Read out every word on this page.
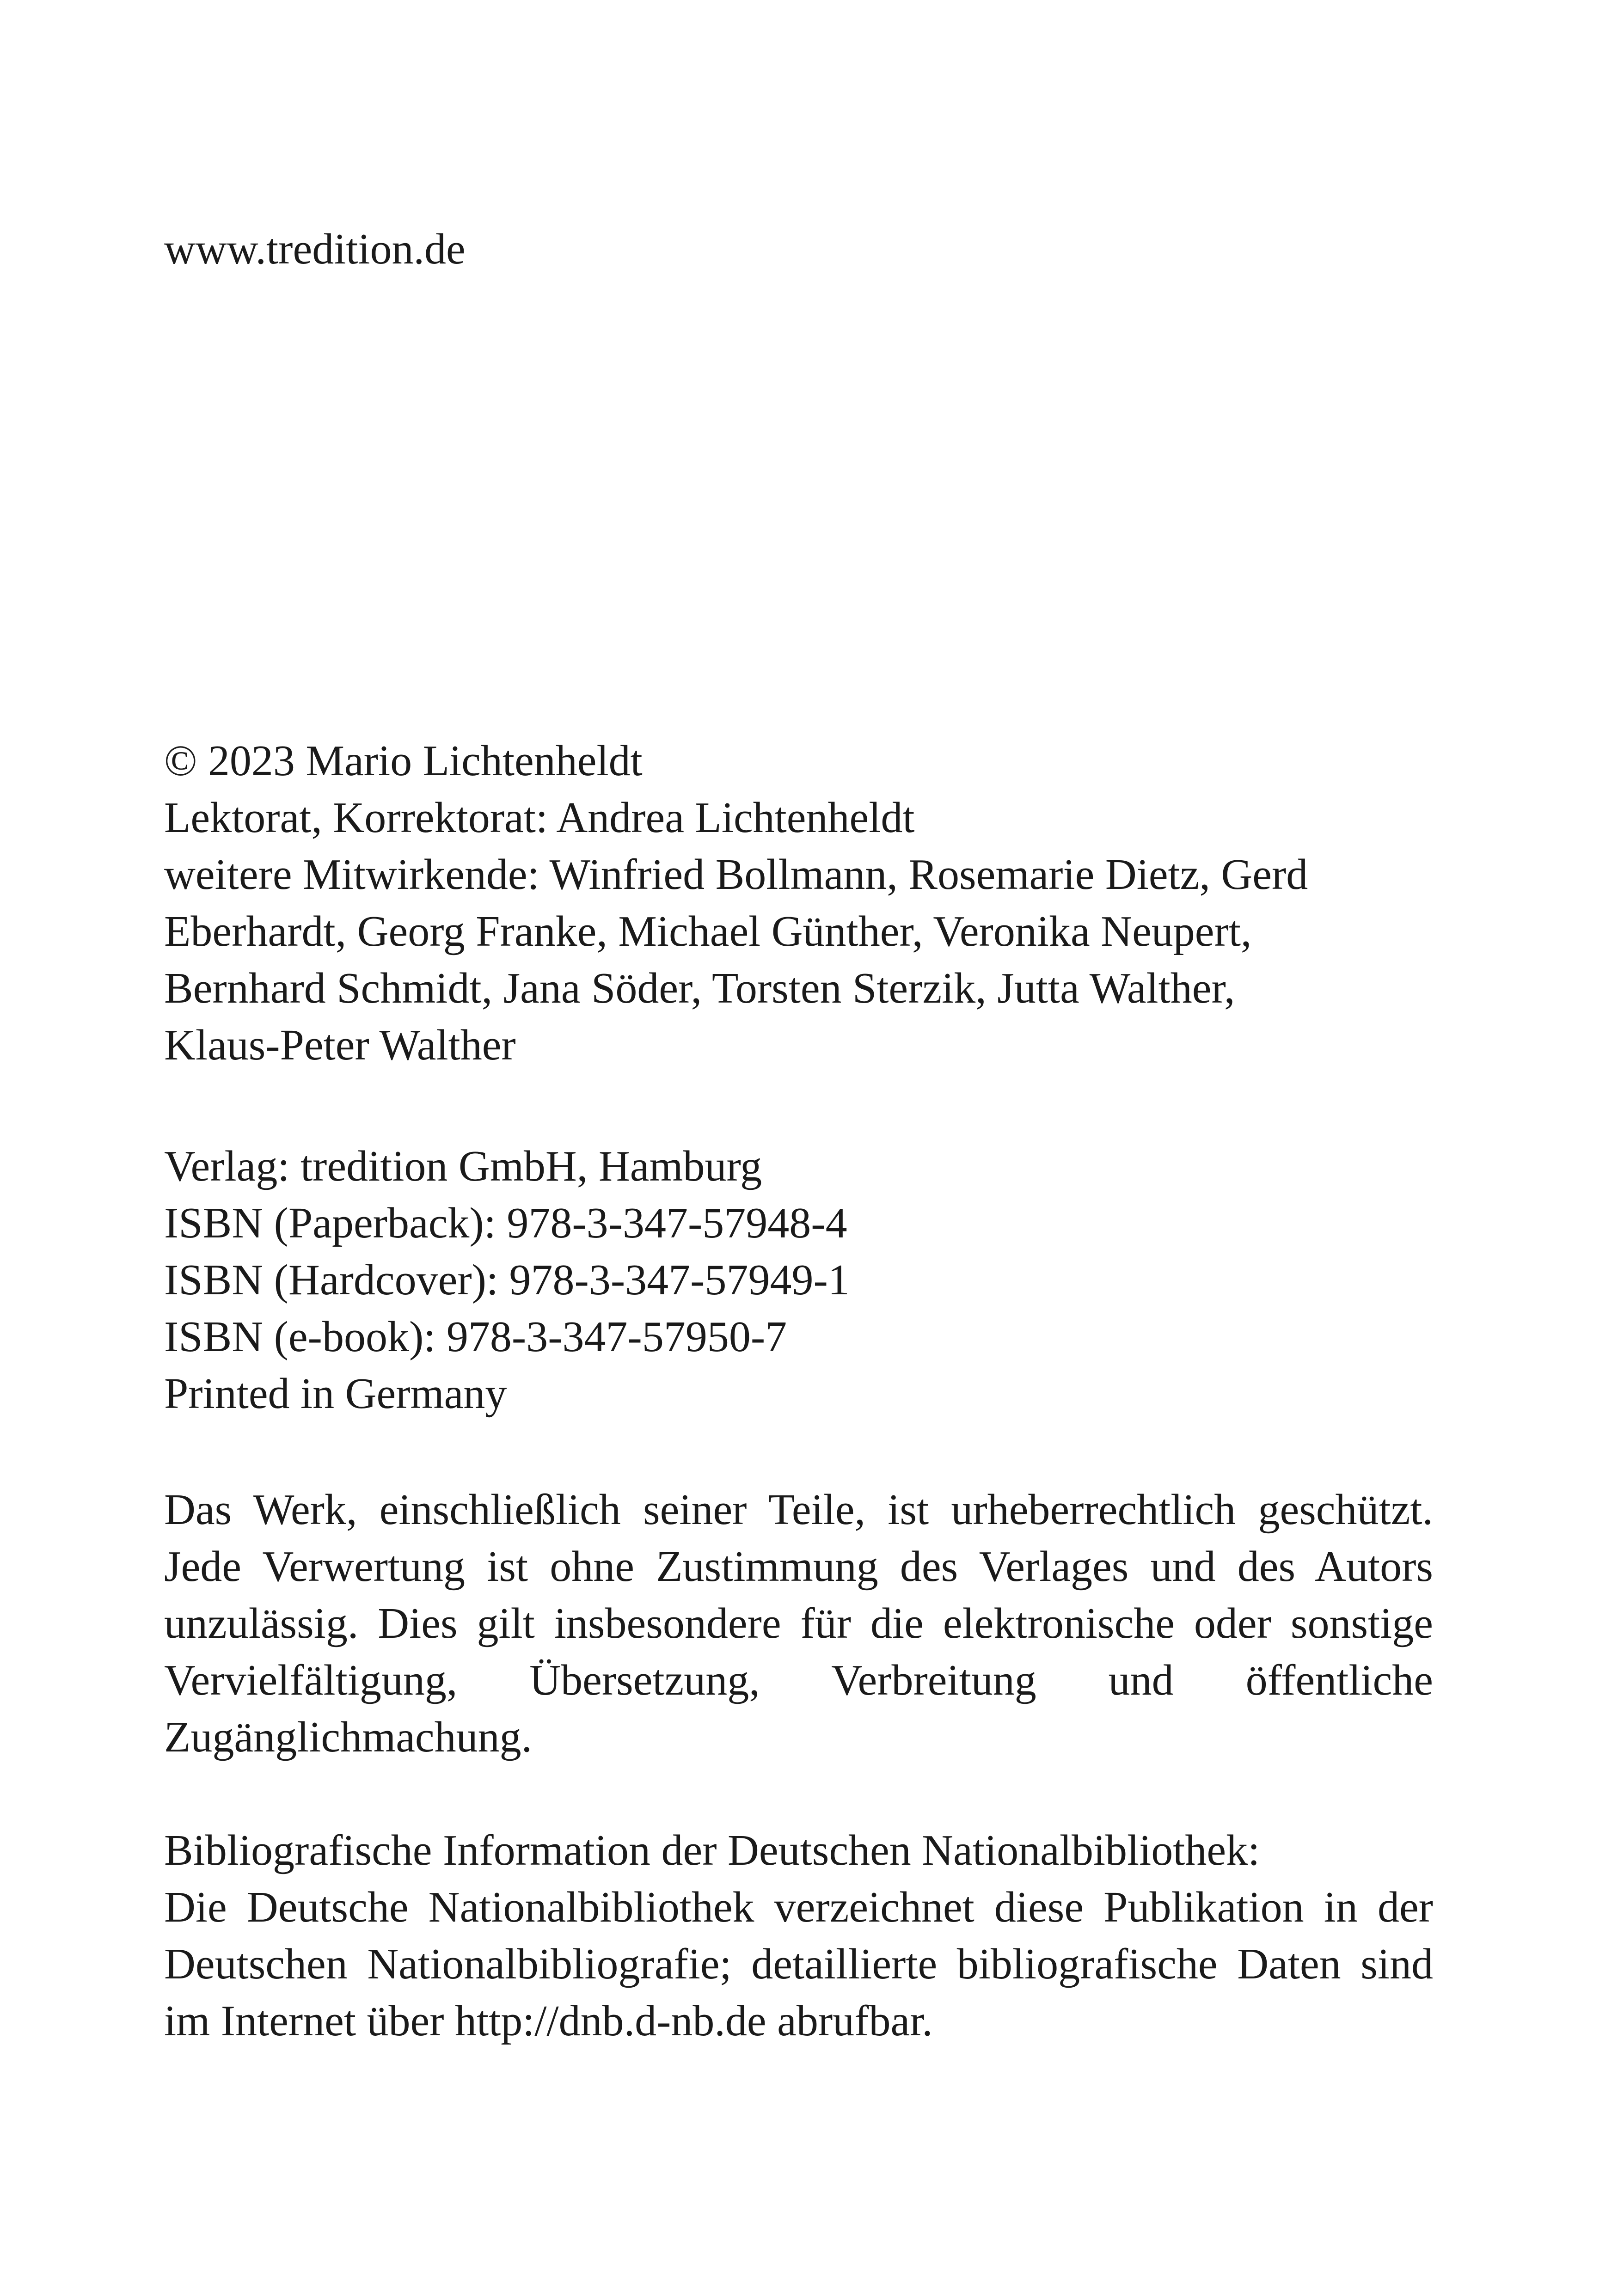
www.tredition.de

© 2023 Mario Lichtenheldt
Lektorat, Korrektorat: Andrea Lichtenheldt
weitere Mitwirkende: Winfried Bollmann, Rosemarie Dietz, Gerd
Eberhardt, Georg Franke, Michael Günther, Veronika Neupert,
Bernhard Schmidt, Jana Söder, Torsten Sterzik, Jutta Walther,
Klaus-Peter Walther

Verlag: tredition GmbH, Hamburg
ISBN (Paperback): 978-3-347-57948-4
ISBN (Hardcover): 978-3-347-57949-1
ISBN (e-book): 978-3-347-57950-7
Printed in Germany

Das Werk, einschließlich seiner Teile, ist urheberrechtlich geschützt. Jede Verwertung ist ohne Zustimmung des Verlages und des Autors unzulässig. Dies gilt insbesondere für die elektronische oder sonstige Vervielfältigung, Übersetzung, Verbreitung und öffentliche Zugänglichmachung.

Bibliografische Information der Deutschen Nationalbibliothek:
Die Deutsche Nationalbibliothek verzeichnet diese Publikation in der Deutschen Nationalbibliografie; detaillierte bibliografische Daten sind im Internet über http://dnb.d-nb.de abrufbar.
